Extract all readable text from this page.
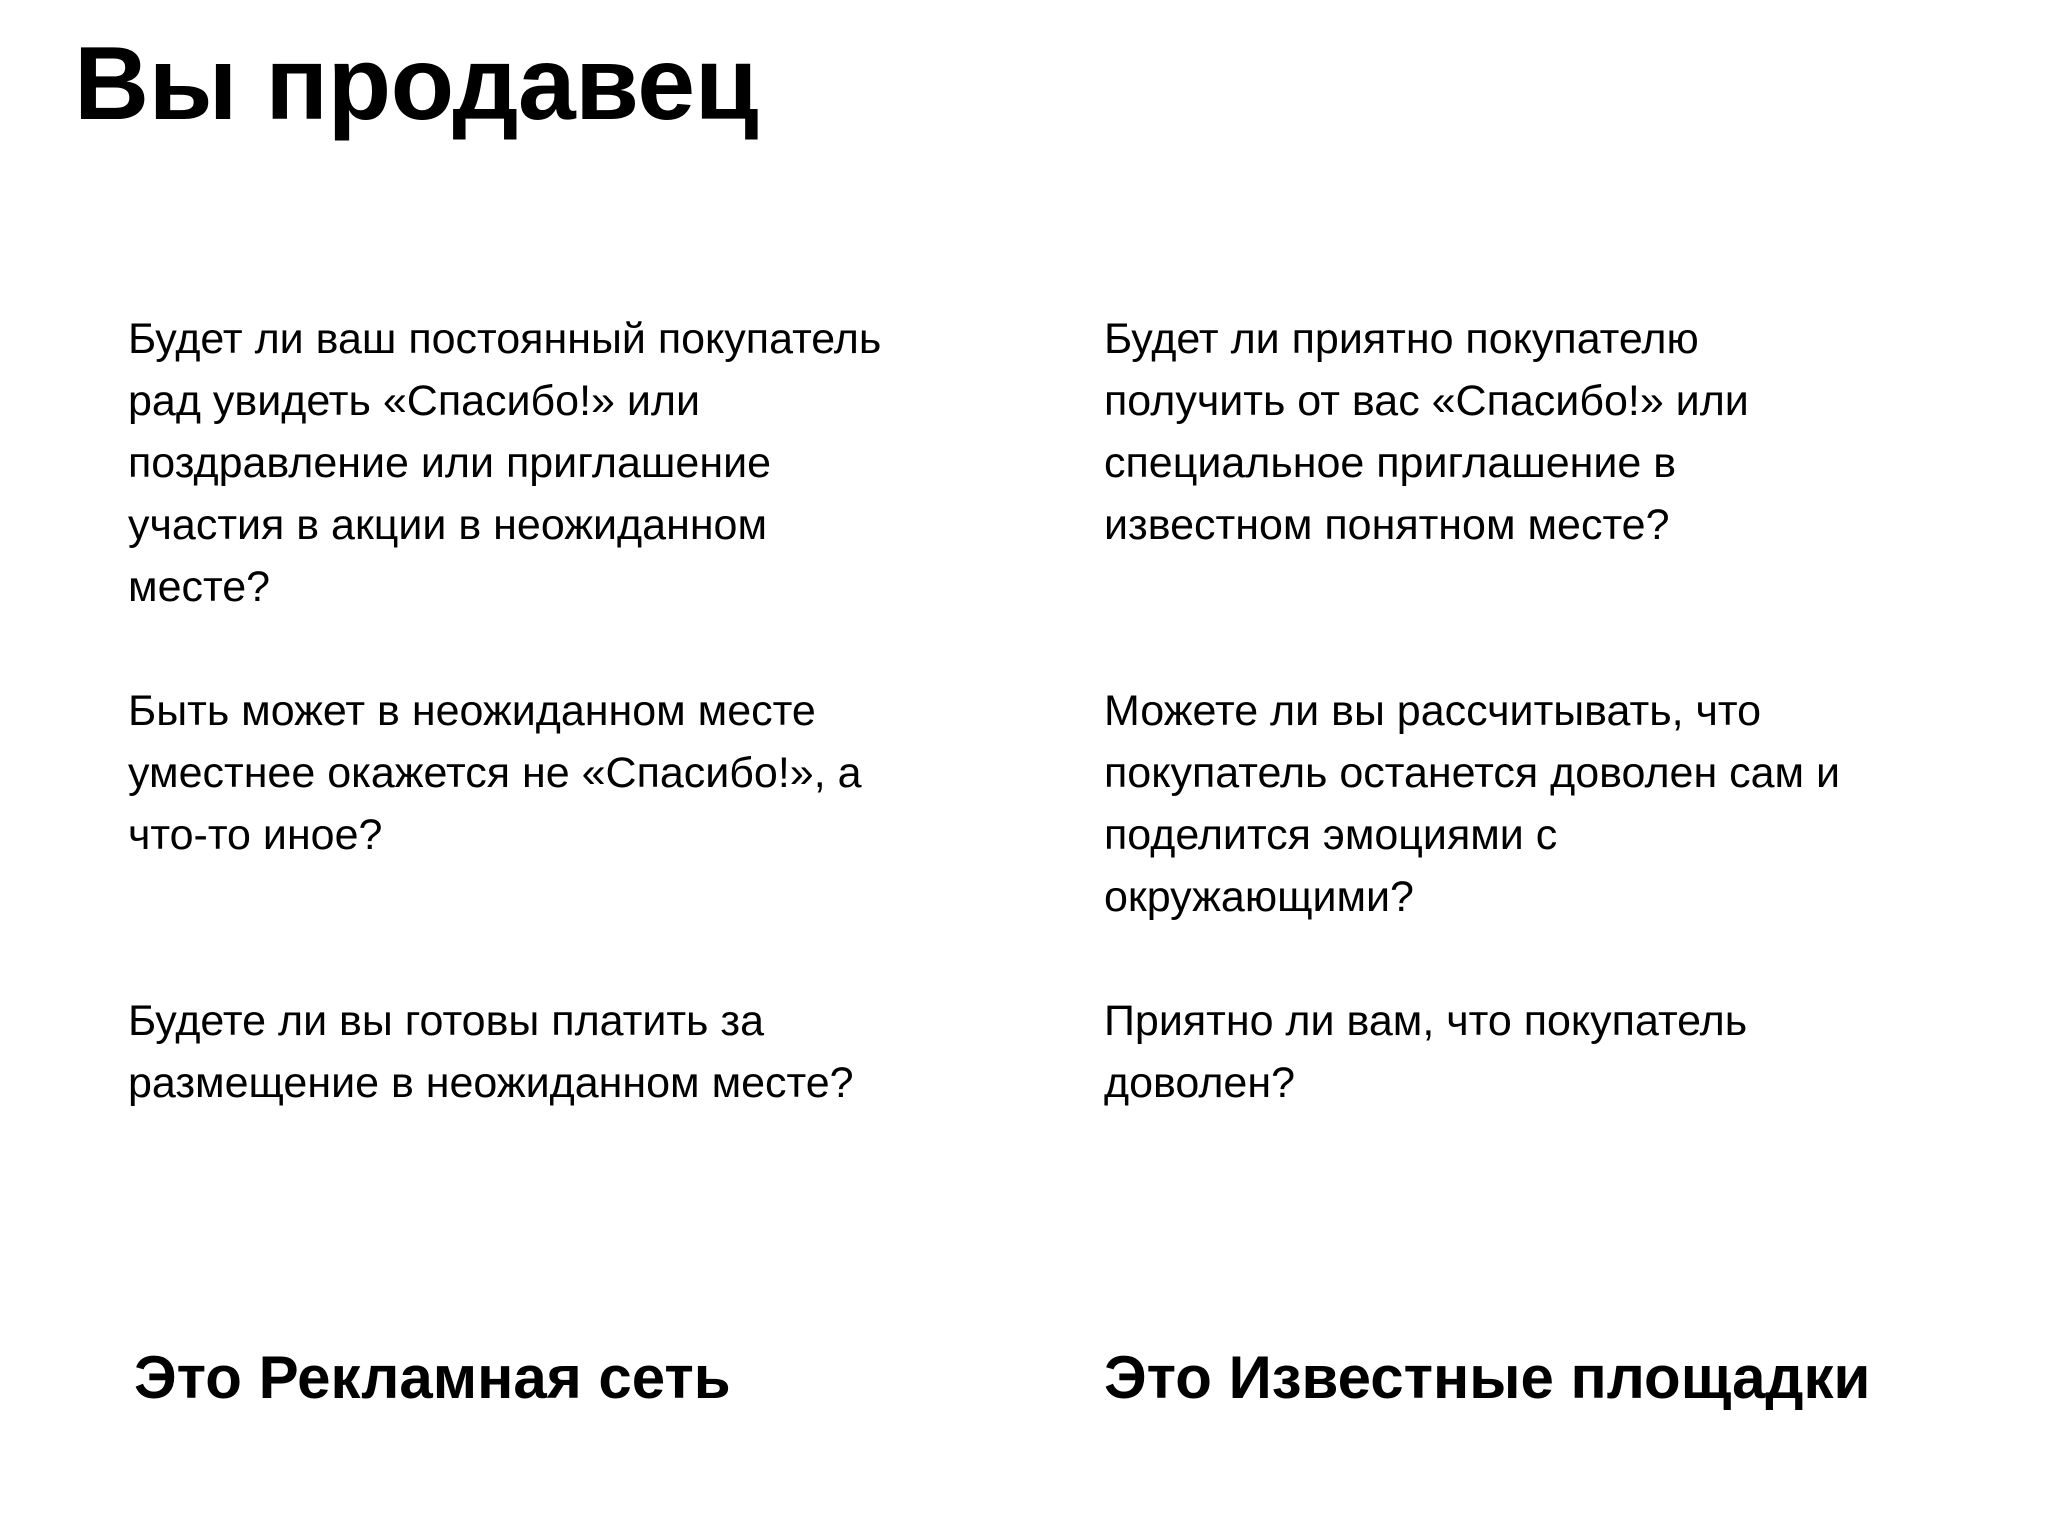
Вы продавец

Будет ли ваш постоянный покупатель
рад увидеть «Спасибо!» или
поздравление или приглашение
участия в акции в неожиданном
месте?

Быть может в неожиданном месте
уместнее окажется не «Спасибо!», а
что-то иное?

Будете ли вы готовы платить за
размещение в неожиданном месте?

Будет ли приятно покупателю
получить от вас «Спасибо!» или
специальное приглашение в
известном понятном месте?

Можете ли вы рассчитывать, что
покупатель останется доволен сам и
поделится эмоциями с
окружающими?

Приятно ли вам, что покупатель
доволен?

Это Рекламная сеть	Это Известные площадки
